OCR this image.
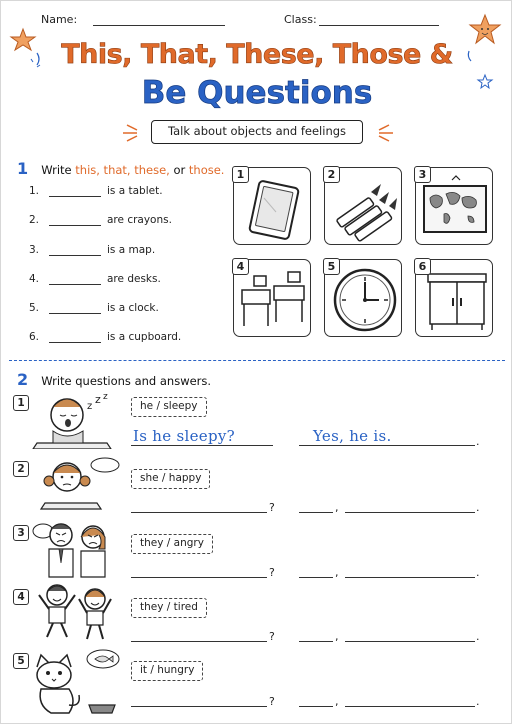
Name:	Class:
This, That, These, Those &
Be Questions
Talk about objects and feelings
1 Write this, that, these, or those.
1.	is a tablet.
2.	are crayons.
3.	is a map.
4.	are desks.
5.	is a clock.
6.	is a cupboard.
1	2	3
4	5	6
2 Write questions and answers.
1	z
z z
he / sleepy
Is he sleepy?	Yes, he is.	.
2
she / happy
?	,	.
3
they / angry
?	,	.
4
they / tired
?	,	.
5
it / hungry
?	,	.
